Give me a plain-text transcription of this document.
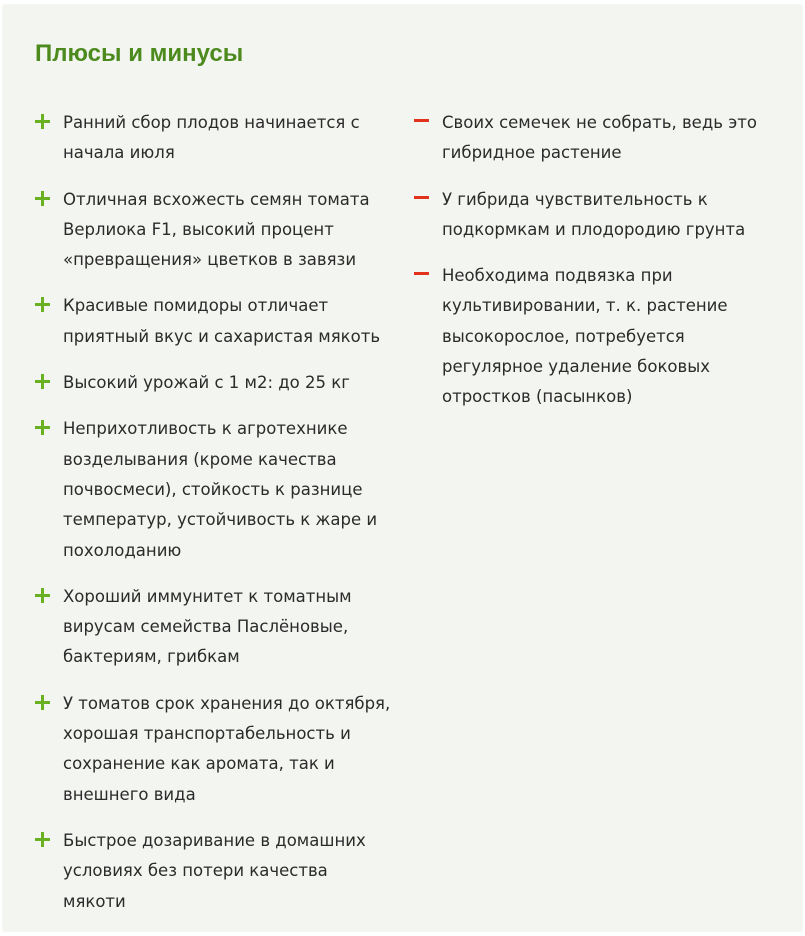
Плюсы и минусы
Ранний сбор плодов начинается с начала июля
Отличная всхожесть семян томата Верлиока F1, высокий процент «превращения» цветков в завязи
Красивые помидоры отличает приятный вкус и сахаристая мякоть
Высокий урожай с 1 м2: до 25 кг
Неприхотливость к агротехнике возделывания (кроме качества почвосмеси), стойкость к разнице температур, устойчивость к жаре и похолоданию
Хороший иммунитет к томатным вирусам семейства Паслёновые, бактериям, грибкам
У томатов срок хранения до октября, хорошая транспортабельность и сохранение как аромата, так и внешнего вида
Быстрое дозаривание в домашних условиях без потери качества мякоти
Своих семечек не собрать, ведь это гибридное растение
У гибрида чувствительность к подкормкам и плодородию грунта
Необходима подвязка при культивировании, т. к. растение высокорослое, потребуется регулярное удаление боковых отростков (пасынков)
